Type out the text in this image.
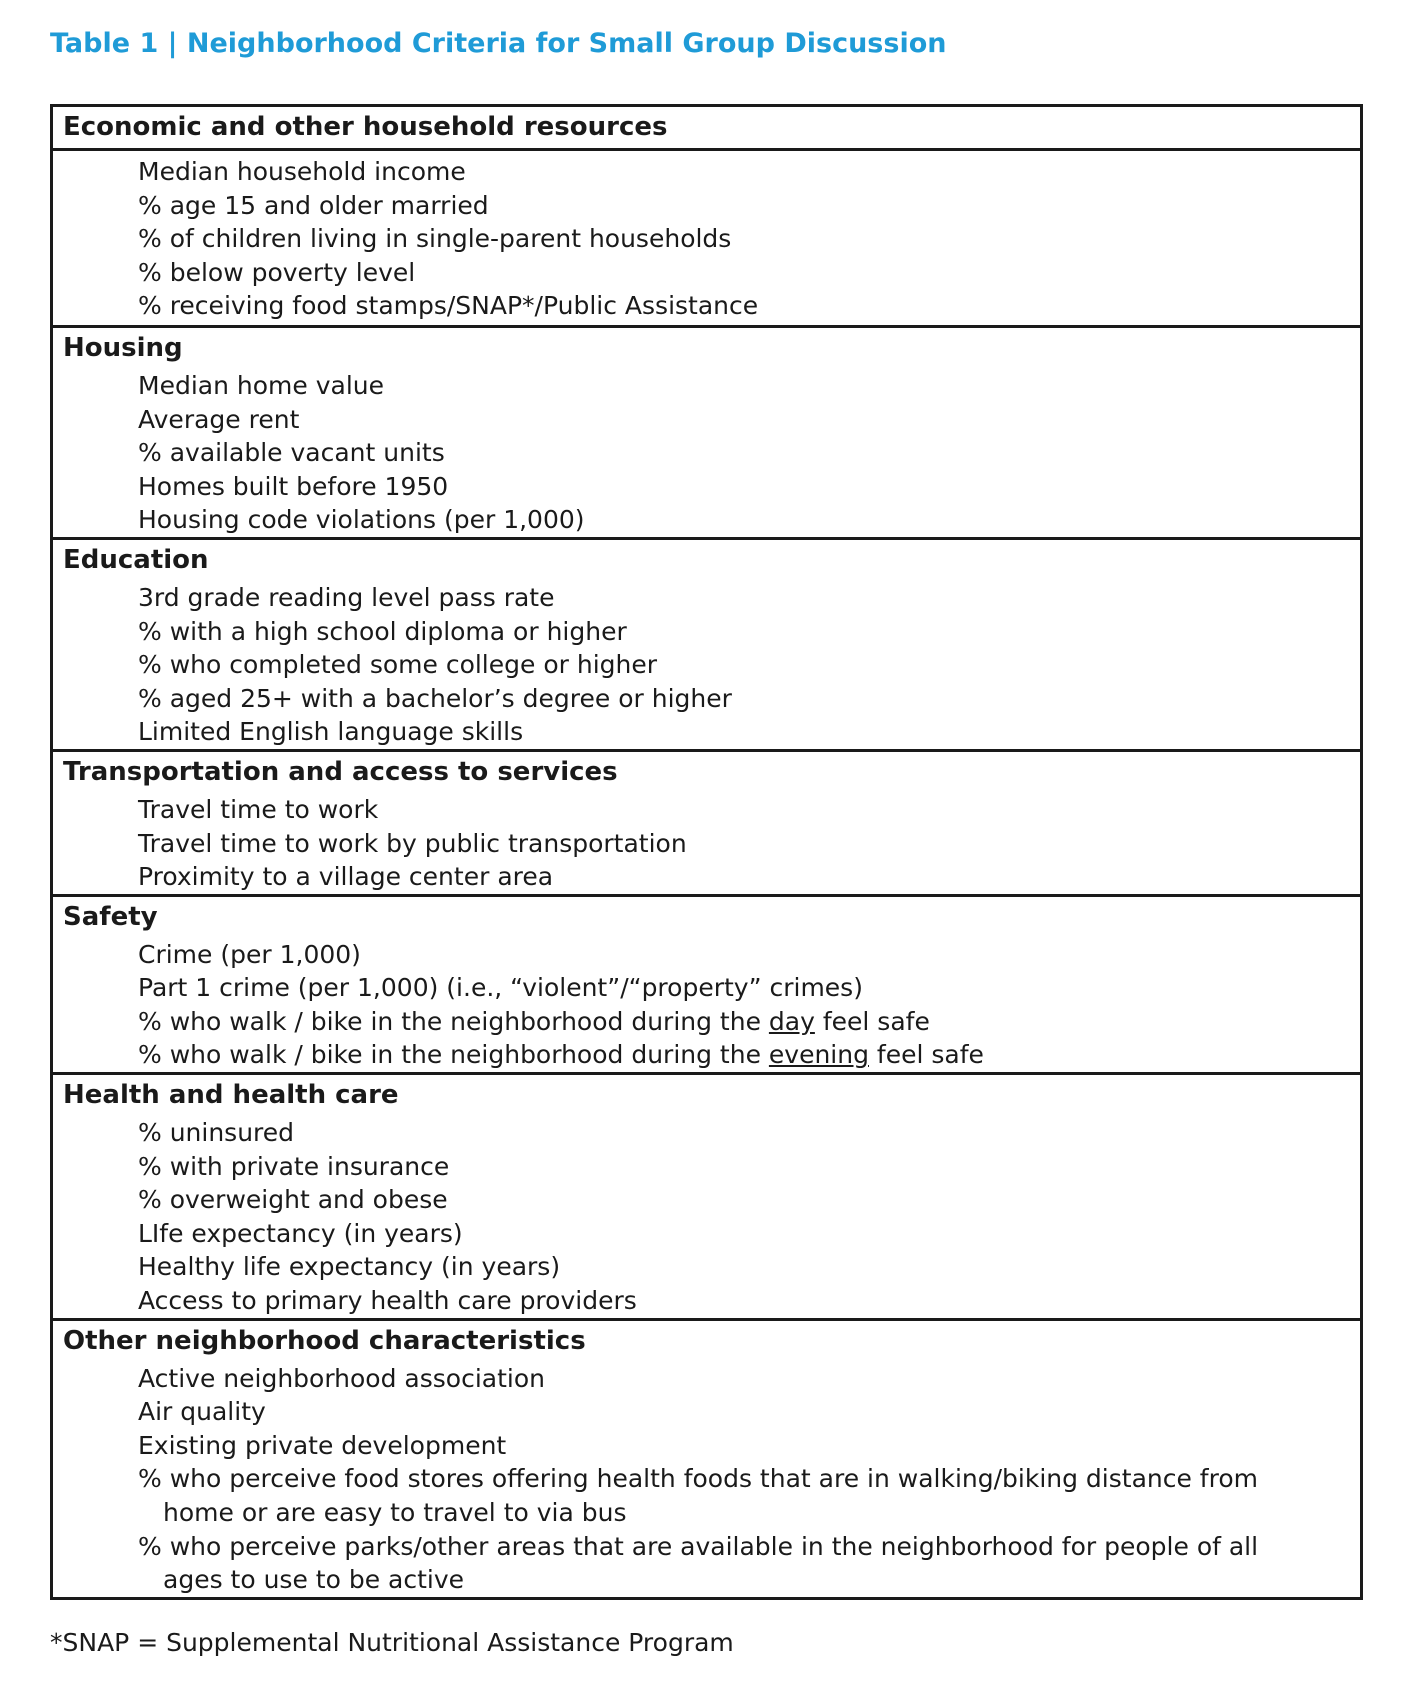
Table 1 | Neighborhood Criteria for Small Group Discussion
Economic and other household resources
Median household income
% age 15 and older married
% of children living in single-parent households
% below poverty level
% receiving food stamps/SNAP*/Public Assistance
Housing
Median home value
Average rent
% available vacant units
Homes built before 1950
Housing code violations (per 1,000)
Education
3rd grade reading level pass rate
% with a high school diploma or higher
% who completed some college or higher
% aged 25+ with a bachelor’s degree or higher
Limited English language skills
Transportation and access to services
Travel time to work
Travel time to work by public transportation
Proximity to a village center area
Safety
Crime (per 1,000)
Part 1 crime (per 1,000) (i.e., “violent”/“property” crimes)
% who walk / bike in the neighborhood during the day feel safe
% who walk / bike in the neighborhood during the evening feel safe
Health and health care
% uninsured
% with private insurance
% overweight and obese
LIfe expectancy (in years)
Healthy life expectancy (in years)
Access to primary health care providers
Other neighborhood characteristics
Active neighborhood association
Air quality
Existing private development
% who perceive food stores offering health foods that are in walking/biking distance from home or are easy to travel to via bus
% who perceive parks/other areas that are available in the neighborhood for people of all ages to use to be active
*SNAP = Supplemental Nutritional Assistance Program
